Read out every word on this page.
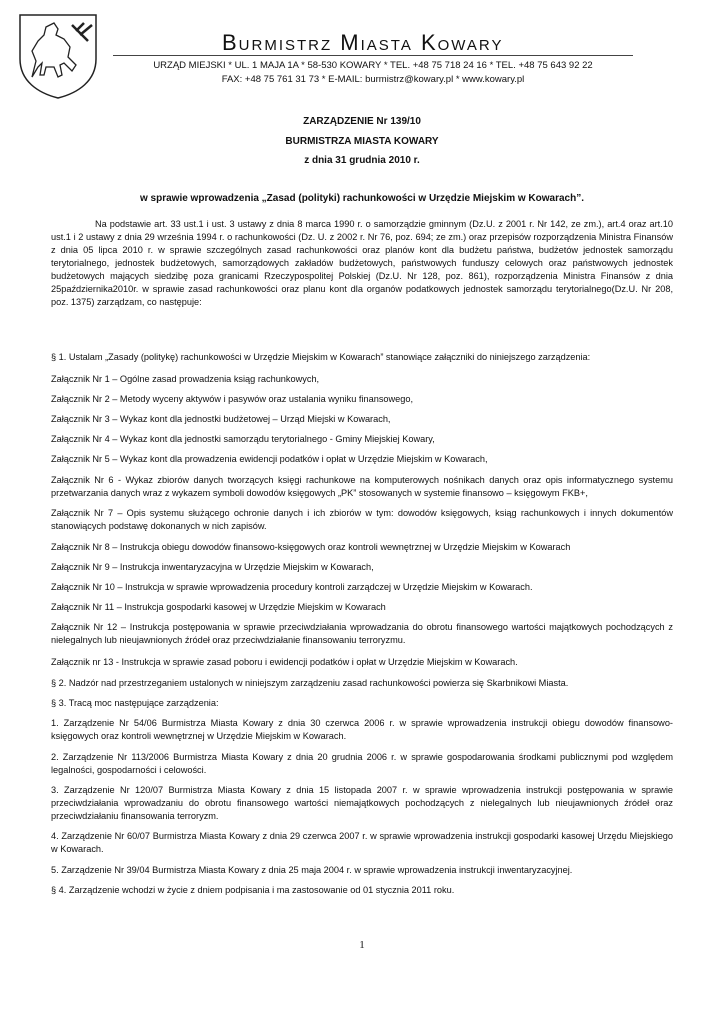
Burmistrz Miasta Kowary
URZĄD MIEJSKI * UL. 1 MAJA 1A * 58-530 KOWARY * TEL. +48 75 718 24 16 * TEL. +48 75 643 92 22
FAX: +48 75 761 31 73 * E-MAIL: burmistrz@kowary.pl * www.kowary.pl
ZARZĄDZENIE Nr 139/10
BURMISTRZA MIASTA KOWARY
z dnia 31 grudnia 2010 r.
w sprawie wprowadzenia „Zasad (polityki) rachunkowości w Urzędzie Miejskim w Kowarach”.
Na podstawie art. 33 ust.1 i ust. 3 ustawy z dnia 8 marca 1990 r. o samorządzie gminnym (Dz.U. z 2001 r. Nr 142, ze zm.), art.4 oraz art.10 ust.1 i 2 ustawy z dnia 29 września 1994 r. o rachunkowości (Dz. U. z 2002 r. Nr 76, poz. 694; ze zm.) oraz przepisów rozporządzenia Ministra Finansów z dnia 05 lipca 2010 r. w sprawie szczególnych zasad rachunkowości oraz planów kont dla budżetu państwa, budżetów jednostek samorządu terytorialnego, jednostek budżetowych, samorządowych zakładów budżetowych, państwowych funduszy celowych oraz państwowych jednostek budżetowych mających siedzibę poza granicami Rzeczypospolitej Polskiej (Dz.U. Nr 128, poz. 861), rozporządzenia Ministra Finansów z dnia 25października2010r. w sprawie zasad rachunkowości oraz planu kont dla organów podatkowych jednostek samorządu terytorialnego(Dz.U. Nr 208, poz. 1375) zarządzam, co następuje:
§ 1. Ustalam „Zasady (politykę) rachunkowości w Urzędzie Miejskim w Kowarach” stanowiące załączniki do niniejszego zarządzenia:
Załącznik Nr 1 – Ogólne zasad prowadzenia ksiąg rachunkowych,
Załącznik Nr 2 – Metody wyceny aktywów i pasywów oraz ustalania wyniku finansowego,
Załącznik Nr 3 – Wykaz kont dla jednostki budżetowej – Urząd Miejski w Kowarach,
Załącznik Nr 4 – Wykaz kont dla jednostki samorządu terytorialnego - Gminy Miejskiej Kowary,
Załącznik Nr 5 – Wykaz kont dla prowadzenia ewidencji podatków i opłat w Urzędzie Miejskim w Kowarach,
Załącznik Nr 6 - Wykaz zbiorów danych tworzących księgi rachunkowe na komputerowych nośnikach danych oraz opis informatycznego systemu przetwarzania danych wraz z wykazem symboli dowodów księgowych „PK” stosowanych w systemie finansowo – księgowym FKB+,
Załącznik Nr 7 – Opis systemu służącego ochronie danych i ich zbiorów w tym: dowodów księgowych, ksiąg rachunkowych i innych dokumentów stanowiących podstawę dokonanych w nich zapisów.
Załącznik Nr 8 – Instrukcja obiegu dowodów finansowo-księgowych oraz kontroli wewnętrznej w Urzędzie Miejskim w Kowarach
Załącznik Nr 9 – Instrukcja inwentaryzacyjna w Urzędzie Miejskim w Kowarach,
Załącznik Nr 10 – Instrukcja w sprawie wprowadzenia procedury kontroli zarządczej w Urzędzie Miejskim w Kowarach.
Załącznik Nr 11 – Instrukcja gospodarki kasowej w Urzędzie Miejskim w Kowarach
Załącznik Nr 12 – Instrukcja postępowania w sprawie przeciwdziałania wprowadzania do obrotu finansowego wartości majątkowych pochodzących z nielegalnych lub nieujawnionych źródeł oraz przeciwdziałanie finansowaniu terroryzmu.
Załącznik nr 13 - Instrukcja w sprawie zasad poboru i ewidencji podatków i opłat w Urzędzie Miejskim w Kowarach.
§ 2. Nadzór nad przestrzeganiem ustalonych w niniejszym zarządzeniu zasad rachunkowości powierza się Skarbnikowi Miasta.
§ 3. Tracą moc następujące zarządzenia:
1. Zarządzenie Nr 54/06 Burmistrza Miasta Kowary z dnia 30 czerwca 2006 r. w sprawie wprowadzenia instrukcji obiegu dowodów finansowo-księgowych oraz kontroli wewnętrznej w Urzędzie Miejskim w Kowarach.
2. Zarządzenie Nr 113/2006 Burmistrza Miasta Kowary z dnia 20 grudnia 2006 r. w sprawie gospodarowania środkami publicznymi pod względem legalności, gospodarności i celowości.
3. Zarządzenie Nr 120/07 Burmistrza Miasta Kowary z dnia 15 listopada 2007 r. w sprawie wprowadzenia instrukcji postępowania w sprawie przeciwdziałania wprowadzaniu do obrotu finansowego wartości niemajątkowych pochodzących z nielegalnych lub nieujawnionych źródeł oraz przeciwdziałaniu finansowania terroryzm.
4. Zarządzenie Nr 60/07 Burmistrza Miasta Kowary z dnia 29 czerwca 2007 r. w sprawie wprowadzenia instrukcji gospodarki kasowej Urzędu Miejskiego w Kowarach.
5. Zarządzenie Nr 39/04 Burmistrza Miasta Kowary z dnia 25 maja 2004 r. w sprawie wprowadzenia instrukcji inwentaryzacyjnej.
§ 4. Zarządzenie wchodzi w życie z dniem podpisania i ma zastosowanie od 01 stycznia 2011 roku.
1
